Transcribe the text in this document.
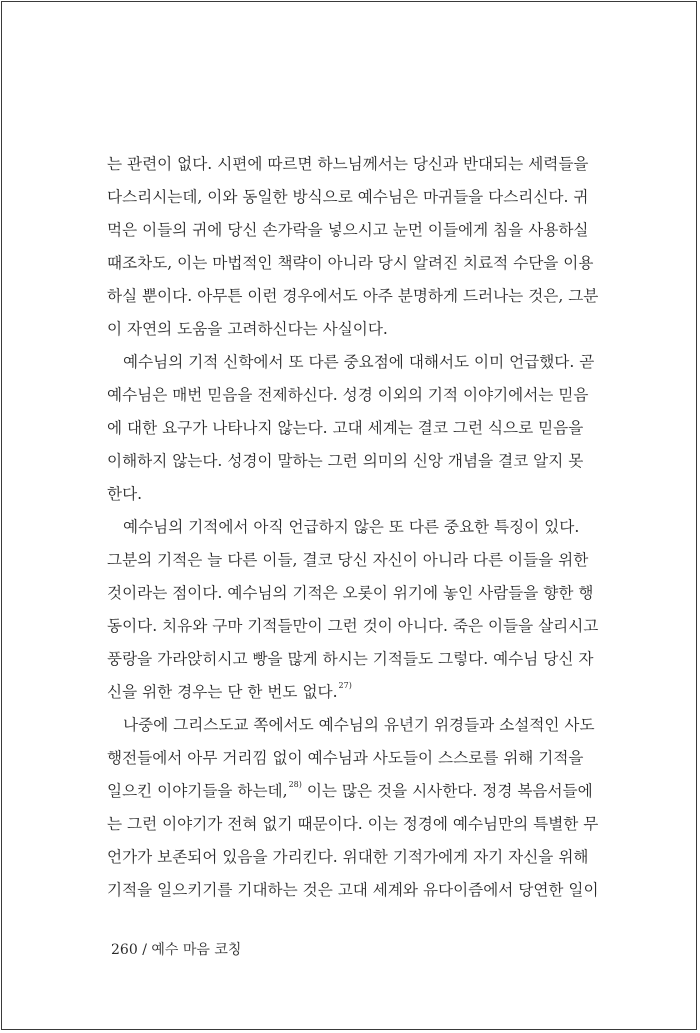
는 관련이 없다. 시편에 따르면 하느님께서는 당신과 반대되는 세력들을
다스리시는데, 이와 동일한 방식으로 예수님은 마귀들을 다스리신다. 귀
먹은 이들의 귀에 당신 손가락을 넣으시고 눈먼 이들에게 침을 사용하실
때조차도, 이는 마법적인 책략이 아니라 당시 알려진 치료적 수단을 이용
하실 뿐이다. 아무튼 이런 경우에서도 아주 분명하게 드러나는 것은, 그분
이 자연의 도움을 고려하신다는 사실이다.
예수님의 기적 신학에서 또 다른 중요점에 대해서도 이미 언급했다. 곧
예수님은 매번 믿음을 전제하신다. 성경 이외의 기적 이야기에서는 믿음
에 대한 요구가 나타나지 않는다. 고대 세계는 결코 그런 식으로 믿음을
이해하지 않는다. 성경이 말하는 그런 의미의 신앙 개념을 결코 알지 못
한다.
예수님의 기적에서 아직 언급하지 않은 또 다른 중요한 특징이 있다.
그분의 기적은 늘 다른 이들, 결코 당신 자신이 아니라 다른 이들을 위한
것이라는 점이다. 예수님의 기적은 오롯이 위기에 놓인 사람들을 향한 행
동이다. 치유와 구마 기적들만이 그런 것이 아니다. 죽은 이들을 살리시고
풍랑을 가라앉히시고 빵을 많게 하시는 기적들도 그렇다. 예수님 당신 자
신을 위한 경우는 단 한 번도 없다.$^{27)}$
나중에 그리스도교 쪽에서도 예수님의 유년기 위경들과 소설적인 사도
행전들에서 아무 거리낌 없이 예수님과 사도들이 스스로를 위해 기적을
일으킨 이야기들을 하는데,$^{28)}$ 이는 많은 것을 시사한다. 정경 복음서들에
는 그런 이야기가 전혀 없기 때문이다. 이는 정경에 예수님만의 특별한 무
언가가 보존되어 있음을 가리킨다. 위대한 기적가에게 자기 자신을 위해
기적을 일으키기를 기대하는 것은 고대 세계와 유다이즘에서 당연한 일이
260 / 예수 마음 코칭
